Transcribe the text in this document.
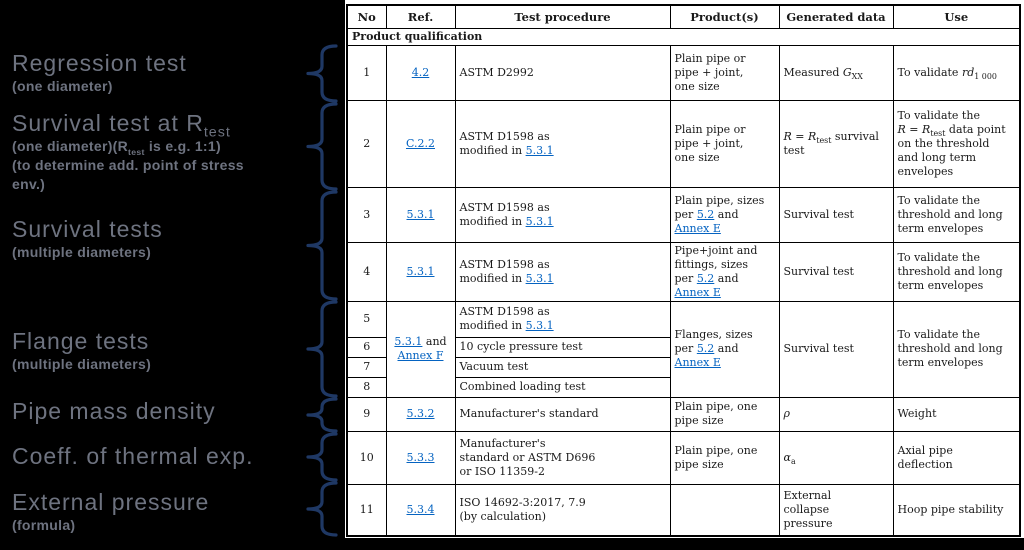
Regression test
(one diameter)
Survival test at $R_{test}$
(one $diameter)(R_{test}$ is e.g. 1:1)
(to determine add. point of stress
env.)
Survival tests
(multiple diameters)
Flange tests
(multiple diameters)
Pipe mass density
Coeff. of thermal exp.
External pressure
(formula)
No	Ref.	Test procedure	Product(s)	Generated data	Use
Product qualification					
1	4.2	ASTM D2992	Plain pipe or
pipe + joint,
one size	Measured $G_{XX}$	To validate $rd_{1 000}$
2	C.2.2	ASTM D1598 as
modified in 5.3.1	Plain pipe or
pipe + joint,
one size	$R = R_{test}$ survival
test	To validate the
$R = R_{test}$ data point
on the threshold
and long term
envelopes
3	5.3.1	ASTM D1598 as
modified in 5.3.1	Plain pipe, sizes
per 5.2 and
Annex E	Survival test	To validate the
threshold and long
term envelopes
4	5.3.1	ASTM D1598 as
modified in 5.3.1	Pipe+joint and
fittings, sizes
per 5.2 and
Annex E	Survival test	To validate the
threshold and long
term envelopes
5	5.3.1 and
Annex F	ASTM D1598 as
modified in 5.3.1	Flanges, sizes
per 5.2 and
Annex E	Survival test	To validate the
threshold and long
term envelopes
6		10 cycle pressure test			
7		Vacuum test			
8		Combined loading test			
9	5.3.2	Manufacturer's standard	Plain pipe, one
pipe size	ρ	Weight
10	5.3.3	Manufacturer's
standard or ASTM D696
or ISO 11359-2	Plain pipe, one
pipe size	$\alpha_a$	Axial pipe
deflection
11	5.3.4	ISO 14692-3:2017, 7.9
(by calculation)		External
collapse
pressure	Hoop pipe stability
